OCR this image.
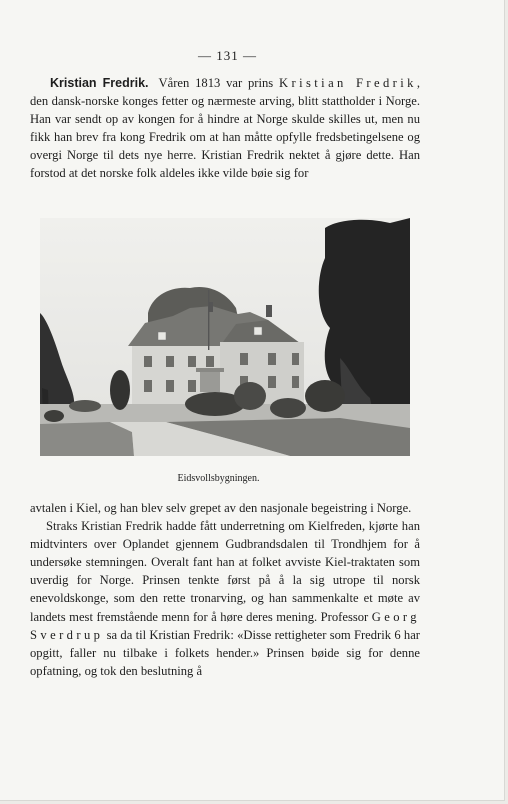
— 131 —

Kristian Fredrik. Våren 1813 var prins Kristian Fredrik, den dansk-norske konges fetter og nærmeste arving, blitt stattholder i Norge. Han var sendt op av kongen for å hindre at Norge skulde skilles ut, men nu fikk han brev fra kong Fredrik om at han måtte opfylle fredsbetingelsene og overgi Norge til dets nye herre. Kristian Fredrik nektet å gjøre dette. Han forstod at det norske folk aldeles ikke vilde bøie sig for

Eidsvollsbygningen.

avtalen i Kiel, og han blev selv grepet av den nasjonale begeistring i Norge.

Straks Kristian Fredrik hadde fått underretning om Kielfreden, kjørte han midtvinters over Oplandet gjennem Gudbrandsdalen til Trondhjem for å undersøke stemningen. Overalt fant han at folket avviste Kiel-traktaten som uverdig for Norge. Prinsen tenkte først på å la sig utrope til norsk enevoldskonge, som den rette tronarving, og han sammenkalte et møte av landets mest fremstående menn for å høre deres mening. Professor Georg Sverdrup sa da til Kristian Fredrik: «Disse rettigheter som Fredrik 6 har opgitt, faller nu tilbake i folkets hender.» Prinsen bøide sig for denne opfatning, og tok den beslutning å
